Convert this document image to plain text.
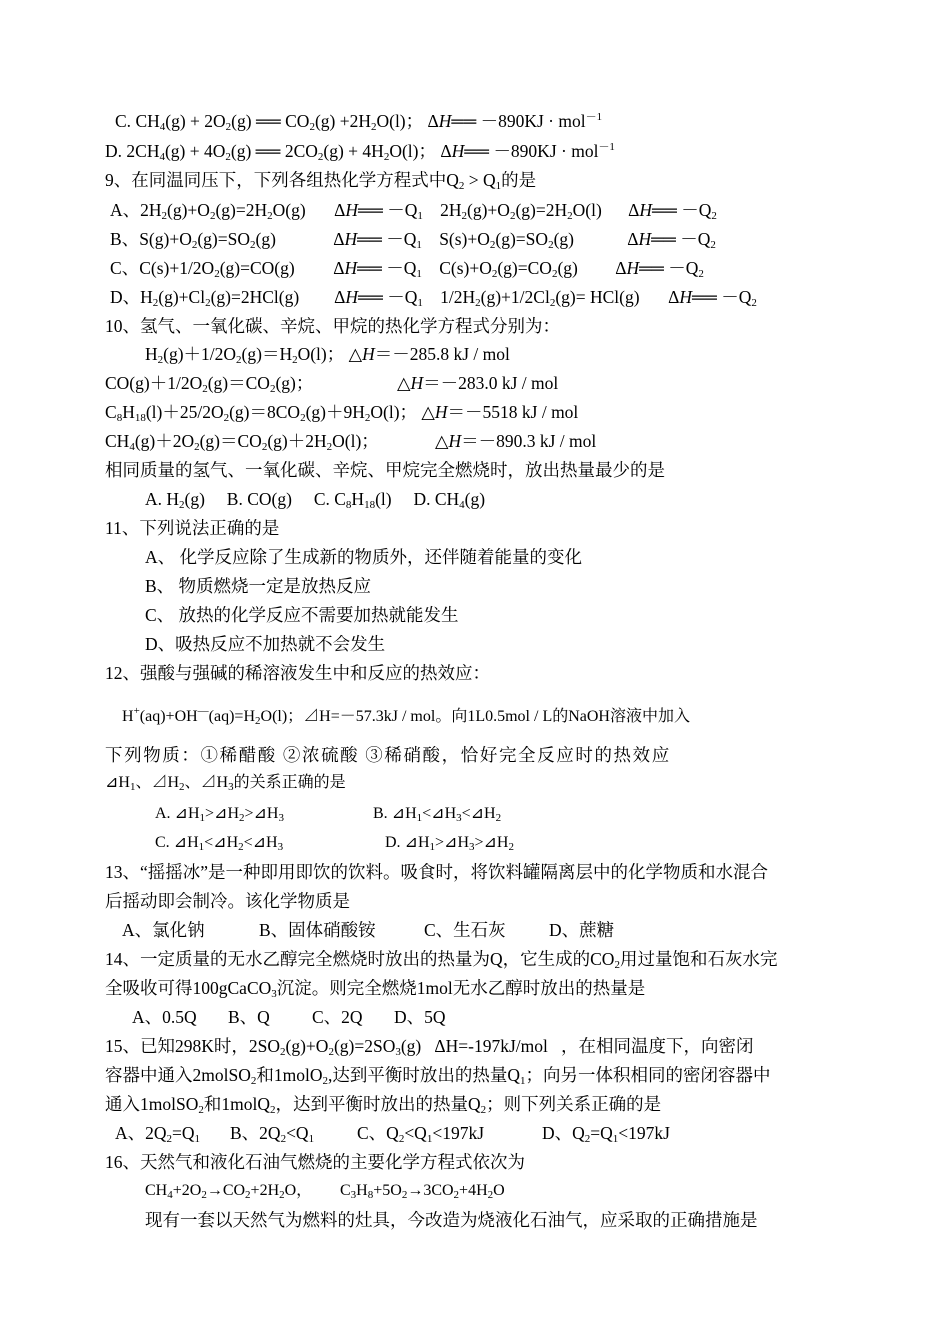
C. $CH_4(g) + 2O_2(g)$ ══ $CO_2(g) +2H_2O(l)$； ΔH══ －890KJ · mol$^{-1}$
D. $2CH_4(g) + 4O_2(g)$ ══ $2CO_2(g) + 4H_2O(l)$； ΔH══ －890KJ · mol$^{-1}$
9、在同温同压下，下列各组热化学方程式中$Q_2 > Q_1$的是
A、$2H_2(g)+O_2(g)=2H_2O(g)$ ΔH══ $-Q_1$ $2H_2(g)+O_2(g)=2H_2O(l)$ ΔH══ $-Q_2$
B、$S(g)+O_2(g)=SO_2(g)$	ΔH══ $-Q_1$ $S(s)+O_2(g)=SO_2(g)$	ΔH══ $-Q_2$
C、$C(s)+1/2O_2(g)=CO(g)$ ΔH══ $-Q_1$ $C(s)+O_2(g)=CO_2(g)$ ΔH══ $-Q_2$
D、$H_2(g)+Cl_2(g)=2HCl(g)$ ΔH══ $-Q_1$ $1/2H_2(g)+1/2Cl_2(g)= HCl(g)$ ΔH══ $-Q_2$
10、氢气、一氧化碳、辛烷、甲烷的热化学方程式分别为：
$H_2(g)+1/2O_2(g)=H_2O(l)$； △H＝－285.8 kJ / mol
$CO(g)+1/2O_2(g)=CO_2(g)$；	△H＝－283.0 kJ / mol
$C_8H_{18}(l)+25/2O_2(g)=8CO_2(g)+9H_2O(l)$； △H＝－5518 kJ / mol
$CH_4(g)+2O_2(g)=CO_2(g)+2H_2O(l)$；	△H＝－890.3 kJ / mol
相同质量的氢气、一氧化碳、辛烷、甲烷完全燃烧时，放出热量最少的是
A. $H_2(g)$     B. CO(g)     C. $C_8H_{18}(l)$     D. $CH_4(g)$
11、下列说法正确的是
A、 化学反应除了生成新的物质外，还伴随着能量的变化
B、 物质燃烧一定是放热反应
C、 放热的化学反应不需要加热就能发生
D、吸热反应不加热就不会发生
12、强酸与强碱的稀溶液发生中和反应的热效应：
$H^+(aq)+OH^—(aq)=H_2O(l)$；⊿H=－57.3kJ / mol。向1L0.5mol / L的NaOH溶液中加入
下列物质：①稀醋酸 ②浓硫酸 ③稀硝酸，恰好完全反应时的热效应
$⊿H_1$、$⊿H_2$、$⊿H_3$的关系正确的是
A. $⊿H_1>⊿H_2>⊿H_3$	B. $⊿H_1<⊿H_3<⊿H_2$
C. $⊿H_1<⊿H_2<⊿H_3$	D. $⊿H_1>⊿H_3>⊿H_2$
13、“摇摇冰”是一种即用即饮的饮料。吸食时，将饮料罐隔离层中的化学物质和水混合
后摇动即会制冷。该化学物质是
A、氯化钠	B、固体硝酸铵	C、生石灰 D、蔗糖
14、一定质量的无水乙醇完全燃烧时放出的热量为Q，它生成的$CO_2$用过量饱和石灰水完
全吸收可得100gCaCO$_3$沉淀。则完全燃烧1mol无水乙醇时放出的热量是
A、0.5Q B、Q C、2Q D、5Q
15、已知298K时，$2SO_2(g)+O_2(g)=2SO_3(g)$   ΔH=-197kJ/mol ，在相同温度下，向密闭
容器中通入2molSO$_2$和1molO$_2$,达到平衡时放出的热量$Q_1$；向另一体积相同的密闭容器中
通入1molSO$_2$和1molQ$_2$，达到平衡时放出的热量$Q_2$；则下列关系正确的是
A、$2Q_2=Q_1$ B、$2Q_2<Q_1$ C、$Q_2<Q_1<197kJ$	D、$Q_2=Q_1<197kJ$
16、天然气和液化石油气燃烧的主要化学方程式依次为
$CH_4+2O_2\to CO_2+2H_2O$， $C_3H_8+5O_2\to 3CO_2+4H_2O$
现有一套以天然气为燃料的灶具，今改造为烧液化石油气，应采取的正确措施是
